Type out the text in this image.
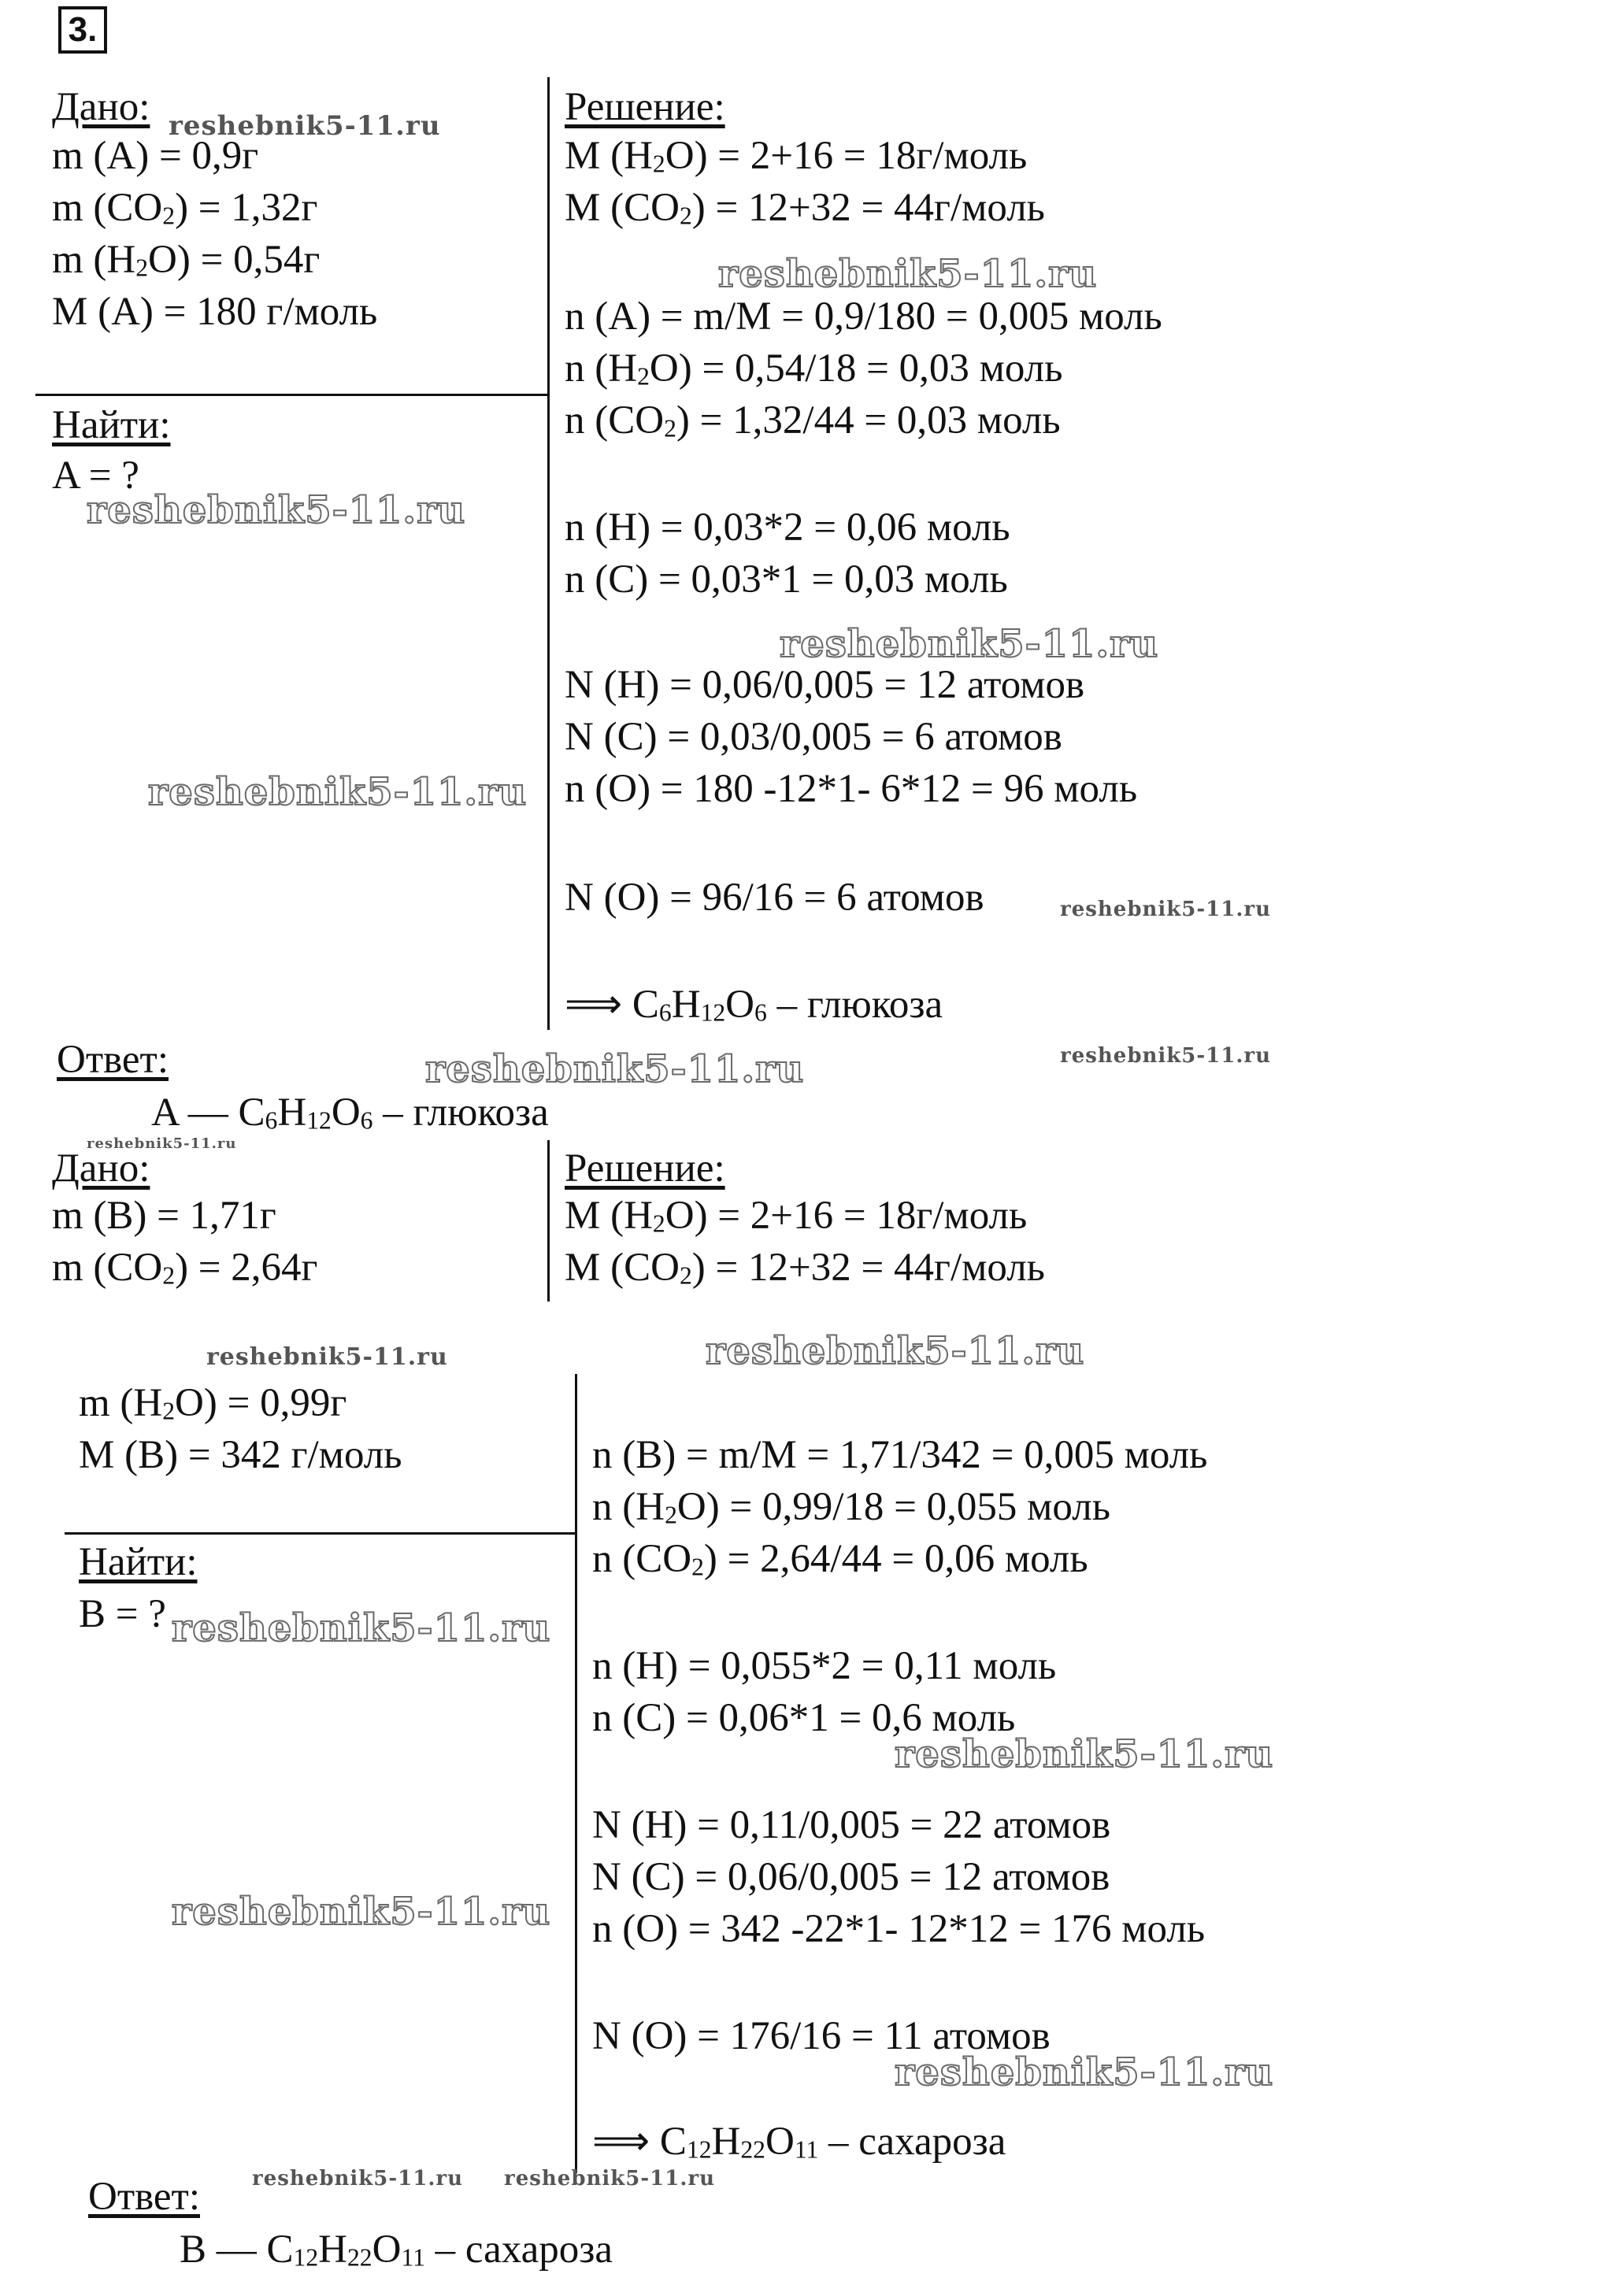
3.
Дано:
m (A) = 0,9г
m $(CO_2) = 1,32г$
m $(H_2O) = 0,54г$
M (A) = 180 г/моль
Найти:
A = ?
Решение:
M $(H_2O) = 2+16$ = 18г/моль
M $(CO_2) = 12+32$ = 44г/моль
n (A) = m/M = 0,9/180 = 0,005 моль
n $(H_2O) = 0,54/18 = 0,03$ моль
n $(CO_2) = 1,32/44 = 0,03$ моль
n (H) = 0,03*2 = 0,06 моль
n (C) = 0,03*1 = 0,03 моль
N (H) = 0,06/0,005 = 12 атомов
N (C) = 0,03/0,005 = 6 атомов
n (O) = 180 -12*1- 6*12 = 96 моль
N (O) = 96/16 = 6 атомов
⟹ $C_6H_{12}O_6$ – глюкоза
Ответ:
A — $C_6H_{12}O_6$ – глюкоза
Дано:
m (B) = 1,71г
m $(CO_2) = 2,64г$
Решение:
M $(H_2O) = 2+16$ = 18г/моль
M $(CO_2) = 12+32$ = 44г/моль
m $(H_2O) = 0,99г$
M (B) = 342 г/моль
Найти:
B = ?
n (B) = m/M = 1,71/342 = 0,005 моль
n $(H_2O) = 0,99/18 = 0,055$ моль
n $(CO_2) = 2,64/44 = 0,06$ моль
n (H) = 0,055*2 = 0,11 моль
n (C) = 0,06*1 = 0,6 моль
N (H) = 0,11/0,005 = 22 атомов
N (C) = 0,06/0,005 = 12 атомов
n (O) = 342 -22*1- 12*12 = 176 моль
N (O) = 176/16 = 11 атомов
⟹ $C_{12}H_{22}O_{11}$ – сахароза
Ответ:
B — $C_{12}H_{22}O_{11}$ – сахароза
reshebnik5-11.ru
reshebnik5-11.ru
reshebnik5-11.ru
reshebnik5-11.ru
reshebnik5-11.ru
reshebnik5-11.ru
reshebnik5-11.ru
reshebnik5-11.ru
reshebnik5-11.ru
reshebnik5-11.ru	reshebnik5-11.ru
reshebnik5-11.ru
reshebnik5-11.ru
reshebnik5-11.ru
reshebnik5-11.ru
reshebnik5-11.ru reshebnik5-11.ru
